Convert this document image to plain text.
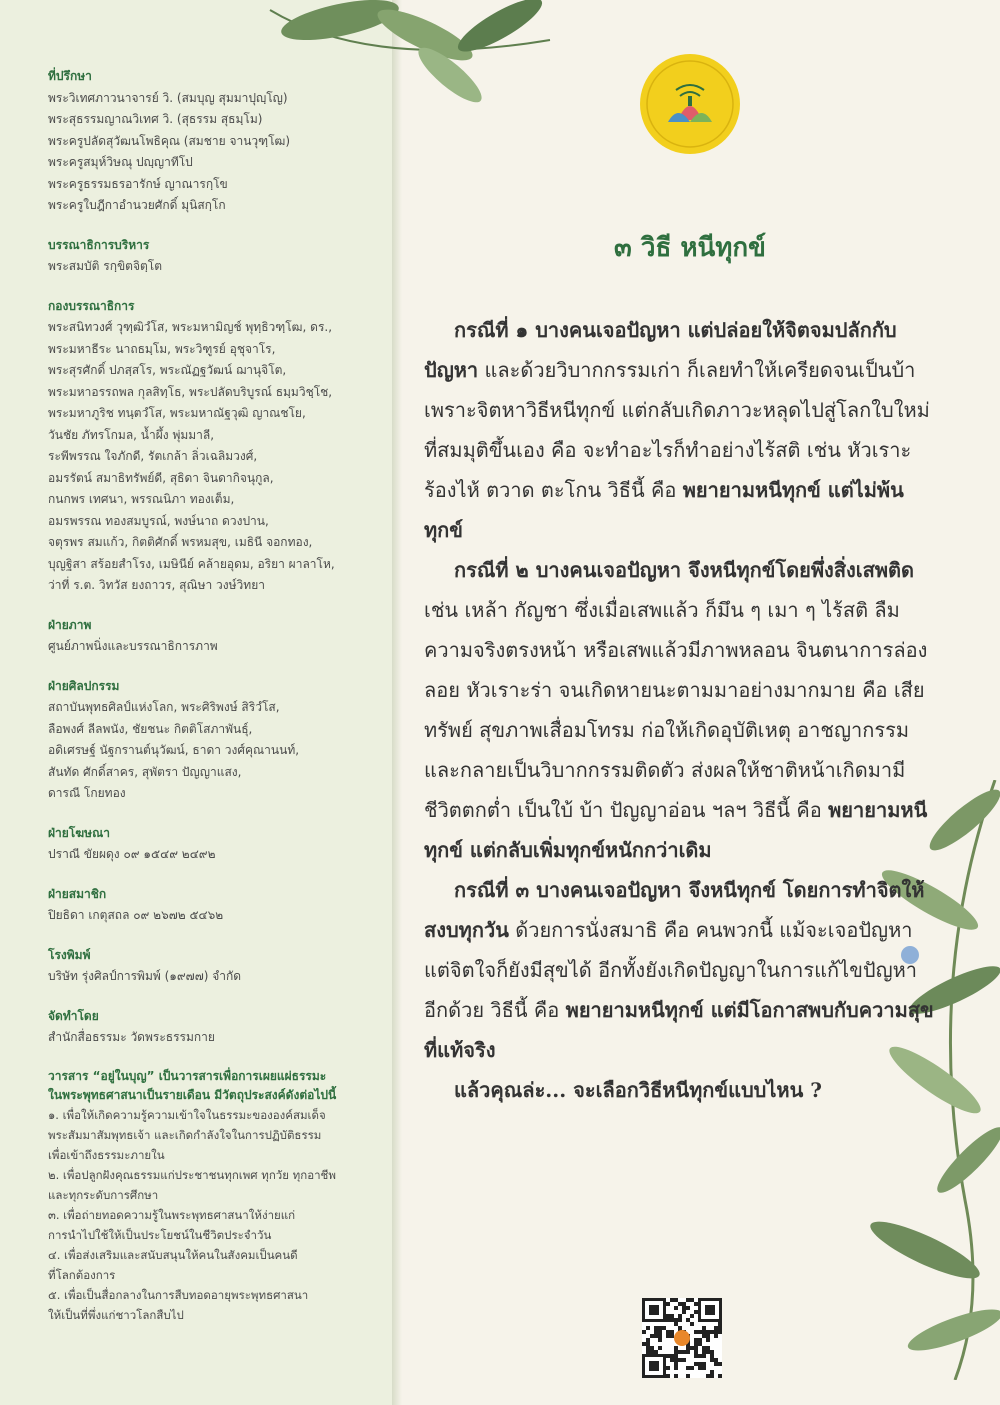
ที่ปรึกษา
พระวิเทศภาวนาจารย์ วิ. (สมบุญ สุมมาปุญฺโญ)
พระสุธรรมญาณวิเทศ วิ. (สุธรรม สุธมฺโม)
พระครูปลัดสุวัฒนโพธิคุณ (สมชาย จานวุฑฺโฒ)
พระครูสมุห์วิษณุ ปญฺญาทีโป
พระครูธรรมธรอารักษ์ ญาณารกฺโข
พระครูใบฎีกาอำนวยศักดิ์ มุนิสกฺโก
บรรณาธิการบริหาร
พระสมบัติ รกฺขิตจิตฺโต
กองบรรณาธิการ
พระสนิทวงศ์ วุฑฺฒิวํโส, พระมหามิญช์ พุทฺธิวฑฺโฒ, ดร.,
พระมหาธีระ นาถธมฺโม, พระวิฑูรย์ อุชุจาโร,
พระสุรศักดิ์ ปภสฺสโร, พระณัฏฐวัฒน์ ฌานุจิโต,
พระมหาอรรถพล กุลสิทฺโธ, พระปลัดบริบูรณ์ ธมฺมวิชฺโช,
พระมหาภูริช ทนฺตวํโส, พระมหาณัฐวุฒิ ญาณชโย,
วันชัย ภัทรโกมล, น้ำผึ้ง พุ่มมาลี,
ระพีพรรณ ใจภักดี, รัตเกล้า ลิ่วเฉลิมวงศ์,
อมรรัตน์ สมาธิทรัพย์ดี, สุธิดา จินดากิจนุกูล,
กนกพร เทศนา, พรรณนิภา ทองเต็ม,
อมรพรรณ ทองสมบูรณ์, พงษ์นาถ ดวงปาน,
จตุรพร สมแก้ว, กิตติศักดิ์ พรหมสุข, เมธินี จอกทอง,
บุญฐิสา สร้อยสำโรง, เมษินีย์ คล้ายอุดม, อริยา ผาลาโห,
ว่าที่ ร.ต. วิทวัส ยงถาวร, สุณิษา วงษ์วิทยา
ฝ่ายภาพ
ศูนย์ภาพนิ่งและบรรณาธิการภาพ
ฝ่ายศิลปกรรม
สถาบันพุทธศิลป์แห่งโลก, พระศิริพงษ์ สิริวํโส,
ลือพงศ์ ลีลพนัง, ชัยชนะ กิตติโสภาพันธุ์,
อดิเศรษฐ์ นัฐกรานต์นุวัฒน์, ธาดา วงศ์คุณานนท์,
สันทัด ศักดิ์สาคร, สุพัตรา ปัญญาแสง,
ดารณี โกยทอง
ฝ่ายโฆษณา
ปราณี ขัยผดุง ๐๙ ๑๕๔๙ ๒๔๙๒
ฝ่ายสมาชิก
ปิยธิดา เกตุสถล ๐๙ ๒๖๗๒ ๕๔๖๒
โรงพิมพ์
บริษัท รุ่งศิลป์การพิมพ์ (๑๙๗๗) จำกัด
จัดทำโดย
สำนักสื่อธรรมะ วัดพระธรรมกาย
วารสาร “อยู่ในบุญ” เป็นวารสารเพื่อการเผยแผ่ธรรมะ
ในพระพุทธศาสนาเป็นรายเดือน มีวัตถุประสงค์ดังต่อไปนี้
๑. เพื่อให้เกิดความรู้ความเข้าใจในธรรมะขององค์สมเด็จ
พระสัมมาสัมพุทธเจ้า และเกิดกำลังใจในการปฏิบัติธรรม
เพื่อเข้าถึงธรรมะภายใน
๒. เพื่อปลูกฝังคุณธรรมแก่ประชาชนทุกเพศ ทุกวัย ทุกอาชีพ
และทุกระดับการศึกษา
๓. เพื่อถ่ายทอดความรู้ในพระพุทธศาสนาให้ง่ายแก่
การนำไปใช้ให้เป็นประโยชน์ในชีวิตประจำวัน
๔. เพื่อส่งเสริมและสนับสนุนให้คนในสังคมเป็นคนดี
ที่โลกต้องการ
๕. เพื่อเป็นสื่อกลางในการสืบทอดอายุพระพุทธศาสนา
ให้เป็นที่พึ่งแก่ชาวโลกสืบไป
๓ วิธี หนีทุกข์

กรณีที่ ๑ บางคนเจอปัญหา แต่ปล่อยให้จิตจมปลักกับปัญหา และด้วยวิบากกรรมเก่า ก็เลยทำให้เครียดจนเป็นบ้า เพราะจิตหาวิธีหนีทุกข์ แต่กลับเกิดภาวะหลุดไปสู่โลกใบใหม่ที่สมมุติขึ้นเอง คือ จะทำอะไรก็ทำอย่างไร้สติ เช่น หัวเราะ ร้องไห้ ตวาด ตะโกน วิธีนี้ คือ พยายามหนีทุกข์ แต่ไม่พ้นทุกข์

กรณีที่ ๒ บางคนเจอปัญหา จึงหนีทุกข์โดยพึ่งสิ่งเสพติด เช่น เหล้า กัญชา ซึ่งเมื่อเสพแล้ว ก็มึน ๆ เมา ๆ ไร้สติ ลืมความจริงตรงหน้า หรือเสพแล้วมีภาพหลอน จินตนาการล่องลอย หัวเราะร่า จนเกิดหายนะตามมาอย่างมากมาย คือ เสียทรัพย์ สุขภาพเสื่อมโทรม ก่อให้เกิดอุบัติเหตุ อาชญากรรม และกลายเป็นวิบากกรรมติดตัว ส่งผลให้ชาติหน้าเกิดมามีชีวิตตกต่ำ เป็นใบ้ บ้า ปัญญาอ่อน ฯลฯ วิธีนี้ คือ พยายามหนีทุกข์ แต่กลับเพิ่มทุกข์หนักกว่าเดิม

กรณีที่ ๓ บางคนเจอปัญหา จึงหนีทุกข์ โดยการทำจิตให้สงบทุกวัน ด้วยการนั่งสมาธิ คือ คนพวกนี้ แม้จะเจอปัญหา แต่จิตใจก็ยังมีสุขได้ อีกทั้งยังเกิดปัญญาในการแก้ไขปัญหาอีกด้วย วิธีนี้ คือ พยายามหนีทุกข์ แต่มีโอกาสพบกับความสุขที่แท้จริง

แล้วคุณล่ะ... จะเลือกวิธีหนีทุกข์แบบไหน ?
